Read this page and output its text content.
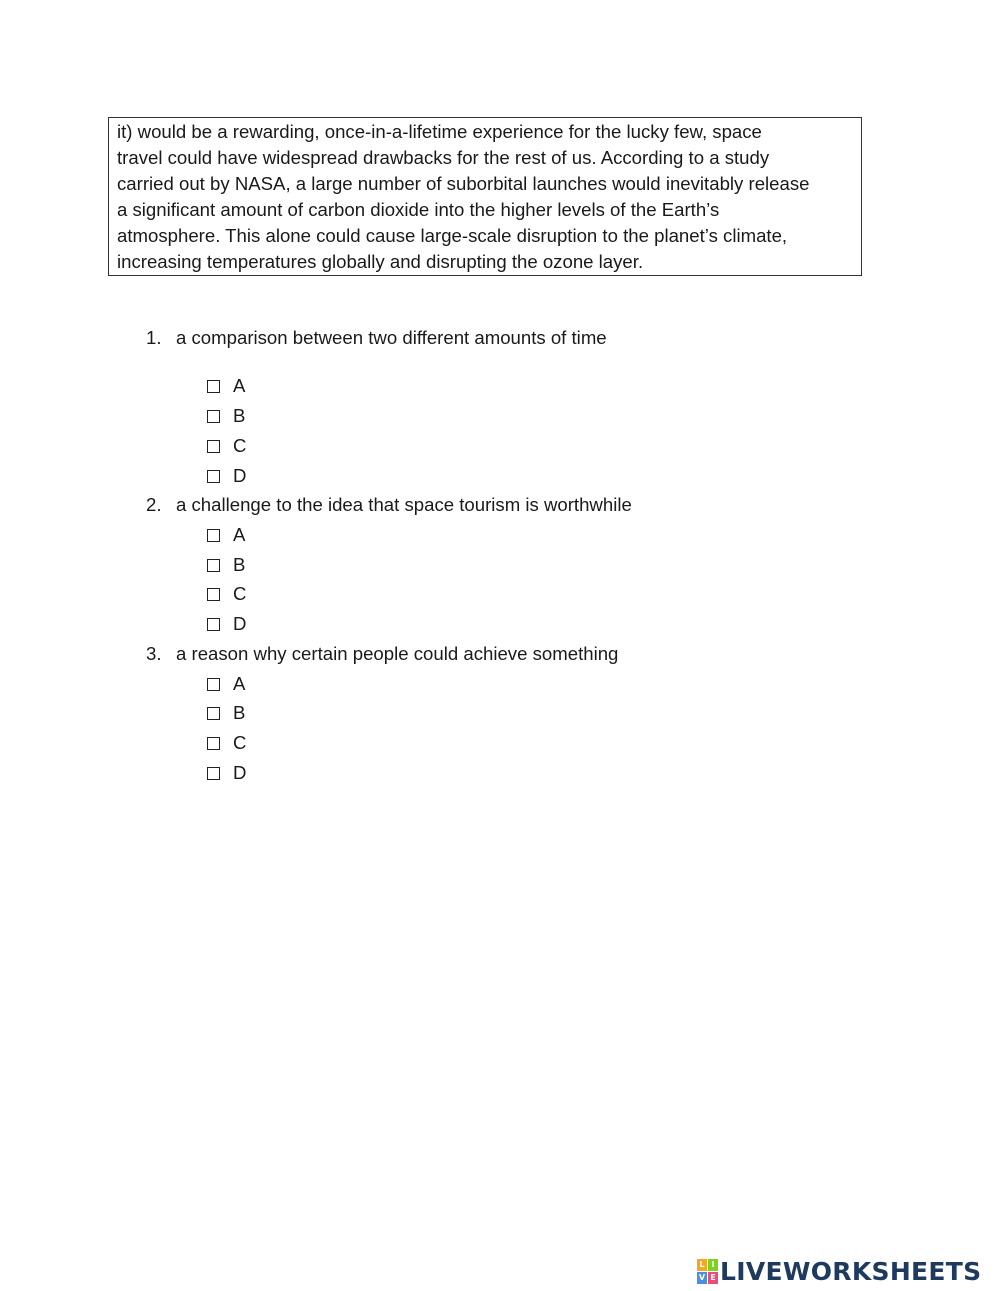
it) would be a rewarding, once-in-a-lifetime experience for the lucky few, space
travel could have widespread drawbacks for the rest of us. According to a study
carried out by NASA, a large number of suborbital launches would inevitably release
a significant amount of carbon dioxide into the higher levels of the Earth’s
atmosphere. This alone could cause large-scale disruption to the planet’s climate,
increasing temperatures globally and disrupting the ozone layer.
1. a comparison between two different amounts of time
A
B
C
D
2. a challenge to the idea that space tourism is worthwhile
A
B
C
D
3. a reason why certain people could achieve something
A
B
C
D
L I
V E LIVEWORKSHEETS
